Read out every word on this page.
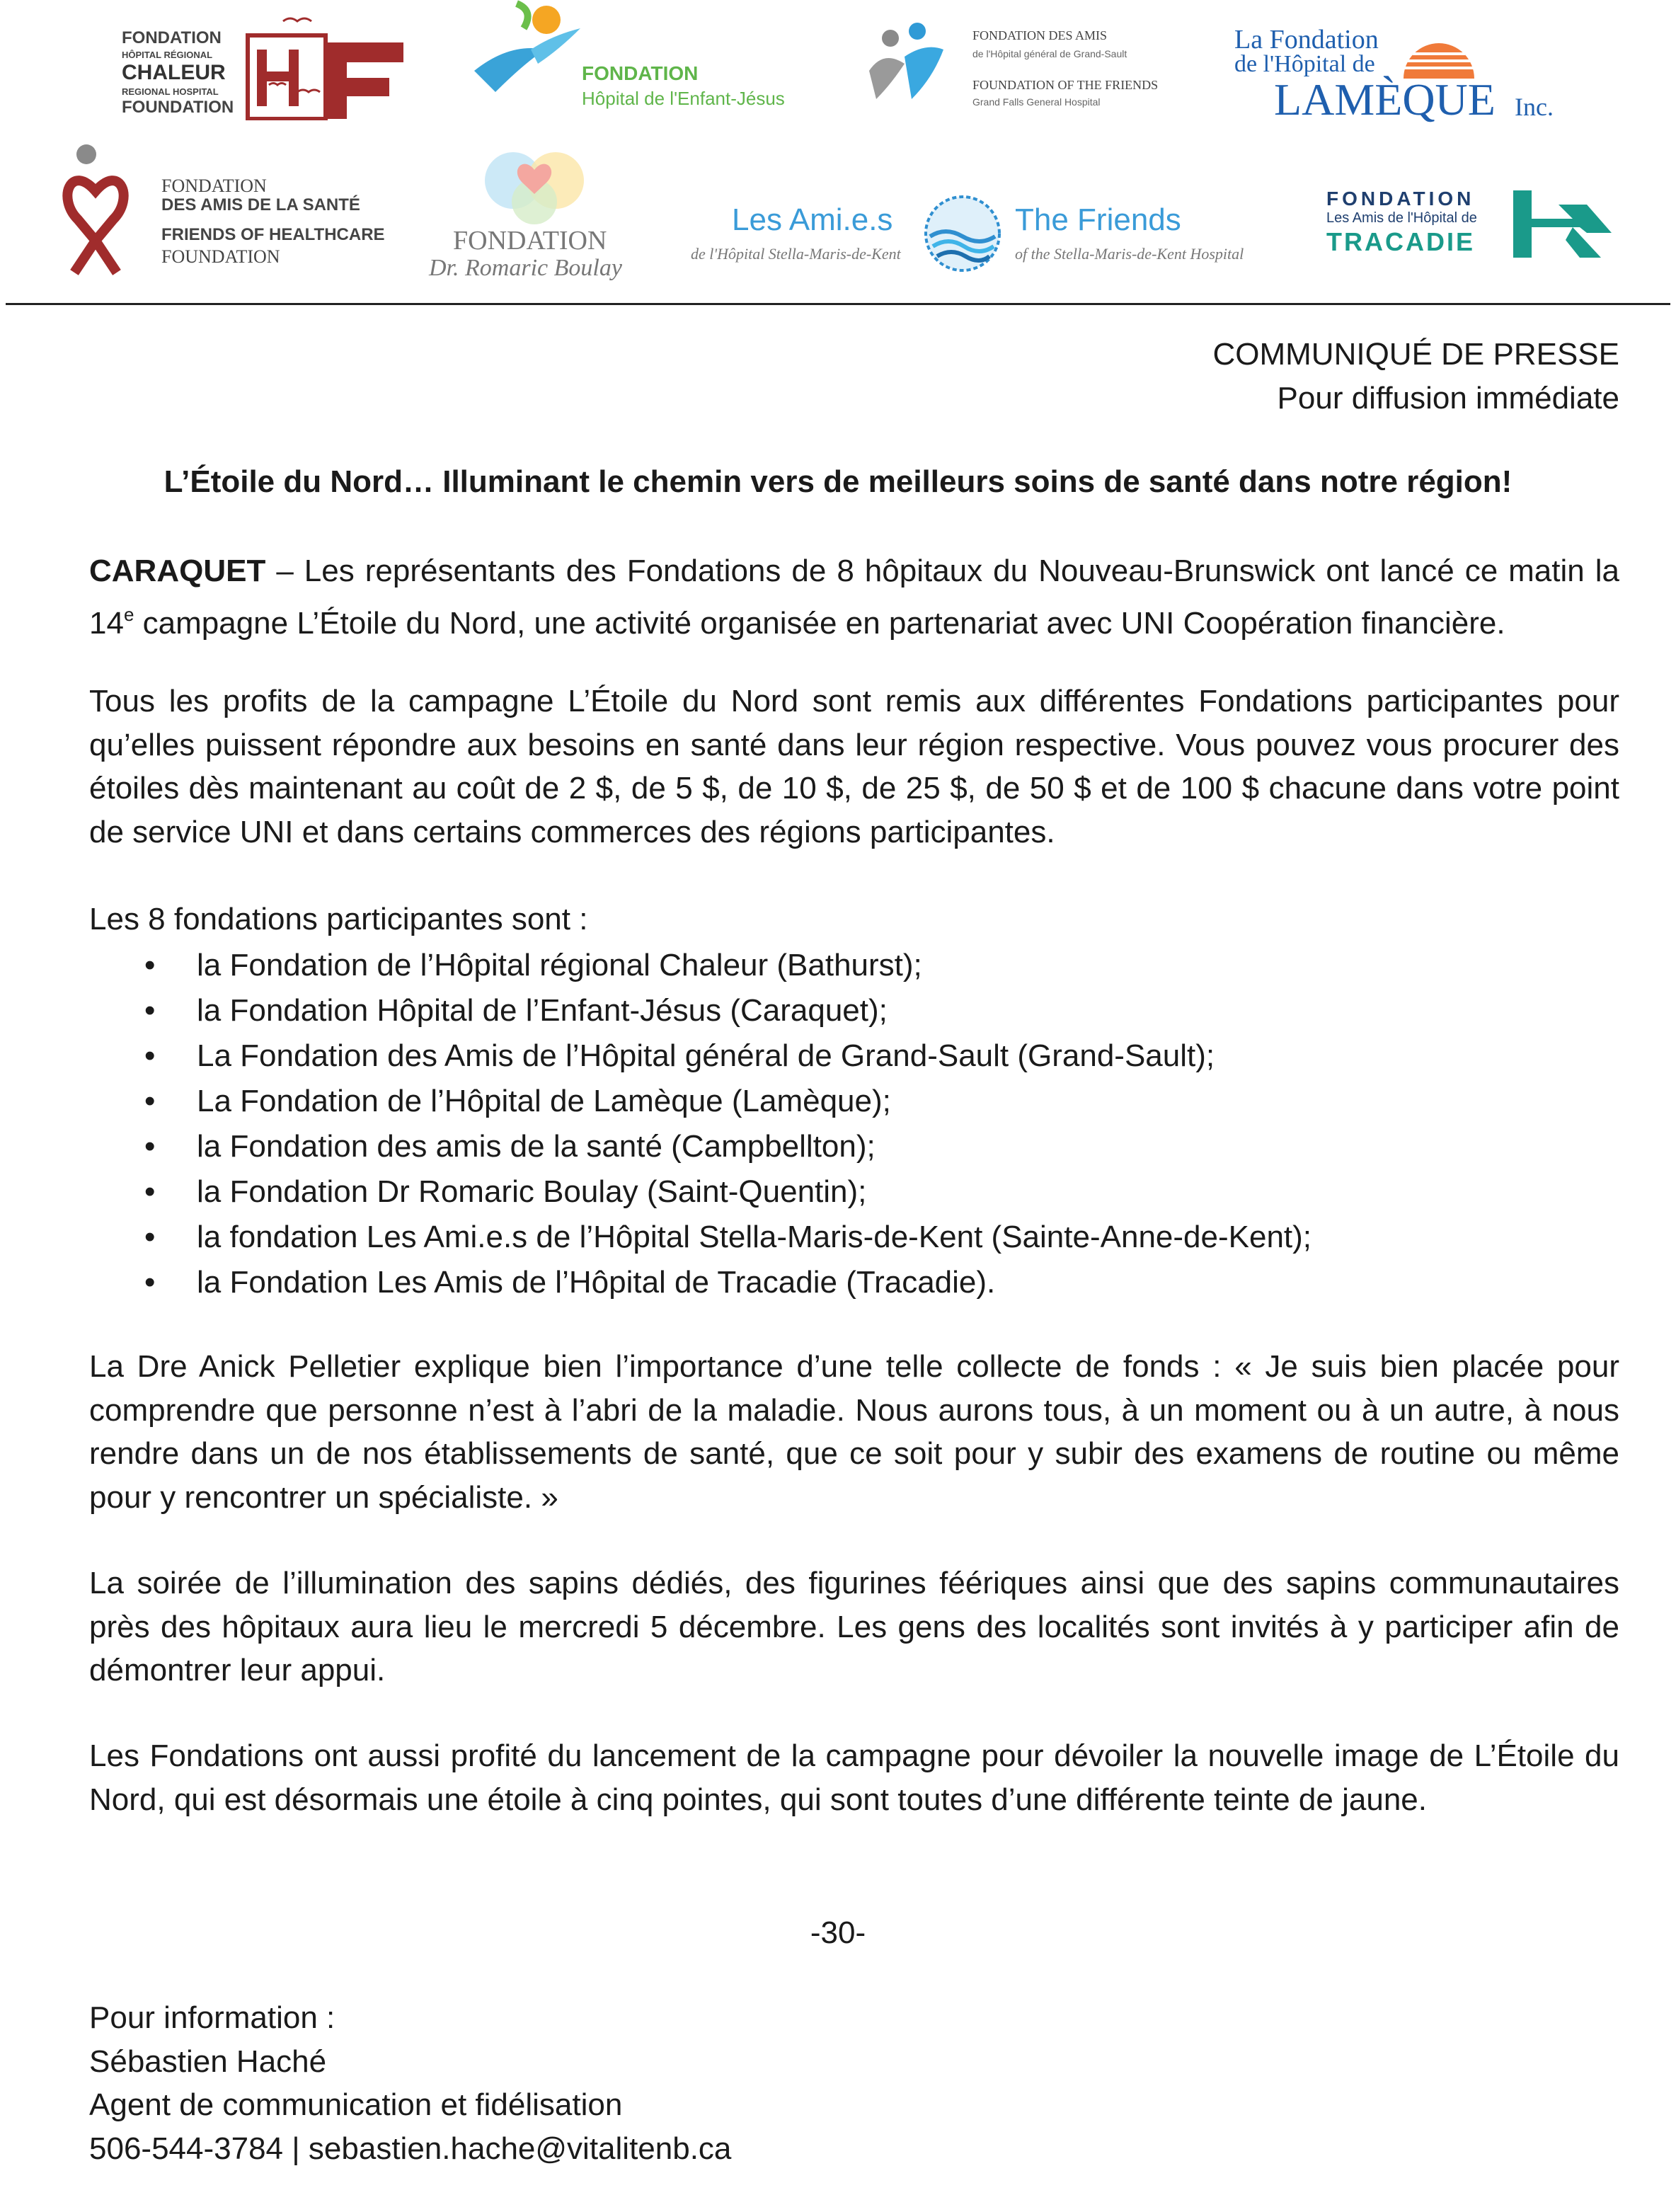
FONDATION
HÔPITAL RÉGIONAL
CHALEUR
REGIONAL HOSPITAL
FOUNDATION
FONDATION
Hôpital de l'Enfant-Jésus
FONDATION DES AMIS
de l'Hôpital général de Grand-Sault
FOUNDATION OF THE FRIENDS
Grand Falls General Hospital
La Fondation
de l'Hôpital de
LAMÈQUE Inc.
FONDATION
DES AMIS DE LA SANTÉ
FRIENDS OF HEALTHCARE
FOUNDATION
FONDATION
Dr. Romaric Boulay
Les Ami.e.s
de l'Hôpital Stella-Maris-de-Kent
The Friends
of the Stella-Maris-de-Kent Hospital
FONDATION
Les Amis de l'Hôpital de
TRACADIE
COMMUNIQUÉ DE PRESSE
Pour diffusion immédiate
L’Étoile du Nord… Illuminant le chemin vers de meilleurs soins de santé dans notre région!

CARAQUET – Les représentants des Fondations de 8 hôpitaux du Nouveau-Brunswick ont lancé ce matin la 14e campagne L’Étoile du Nord, une activité organisée en partenariat avec UNI Coopération financière.

Tous les profits de la campagne L’Étoile du Nord sont remis aux différentes Fondations participantes pour qu’elles puissent répondre aux besoins en santé dans leur région respective. Vous pouvez vous procurer des étoiles dès maintenant au coût de 2 $, de 5 $, de 10 $, de 25 $, de 50 $ et de 100 $ chacune dans votre point de service UNI et dans certains commerces des régions participantes.

Les 8 fondations participantes sont :

• la Fondation de l’Hôpital régional Chaleur (Bathurst);
• la Fondation Hôpital de l’Enfant-Jésus (Caraquet);
• La Fondation des Amis de l’Hôpital général de Grand-Sault (Grand-Sault);
• La Fondation de l’Hôpital de Lamèque (Lamèque);
• la Fondation des amis de la santé (Campbellton);
• la Fondation Dr Romaric Boulay (Saint-Quentin);
• la fondation Les Ami.e.s de l’Hôpital Stella-Maris-de-Kent (Sainte-Anne-de-Kent);
• la Fondation Les Amis de l’Hôpital de Tracadie (Tracadie).

La Dre Anick Pelletier explique bien l’importance d’une telle collecte de fonds : « Je suis bien placée pour comprendre que personne n’est à l’abri de la maladie. Nous aurons tous, à un moment ou à un autre, à nous rendre dans un de nos établissements de santé, que ce soit pour y subir des examens de routine ou même pour y rencontrer un spécialiste. »

La soirée de l’illumination des sapins dédiés, des figurines féériques ainsi que des sapins communautaires près des hôpitaux aura lieu le mercredi 5 décembre. Les gens des localités sont invités à y participer afin de démontrer leur appui.

Les Fondations ont aussi profité du lancement de la campagne pour dévoiler la nouvelle image de L’Étoile du Nord, qui est désormais une étoile à cinq pointes, qui sont toutes d’une différente teinte de jaune.

-30-
Pour information :
Sébastien Haché
Agent de communication et fidélisation
506-544-3784 | sebastien.hache@vitalitenb.ca
